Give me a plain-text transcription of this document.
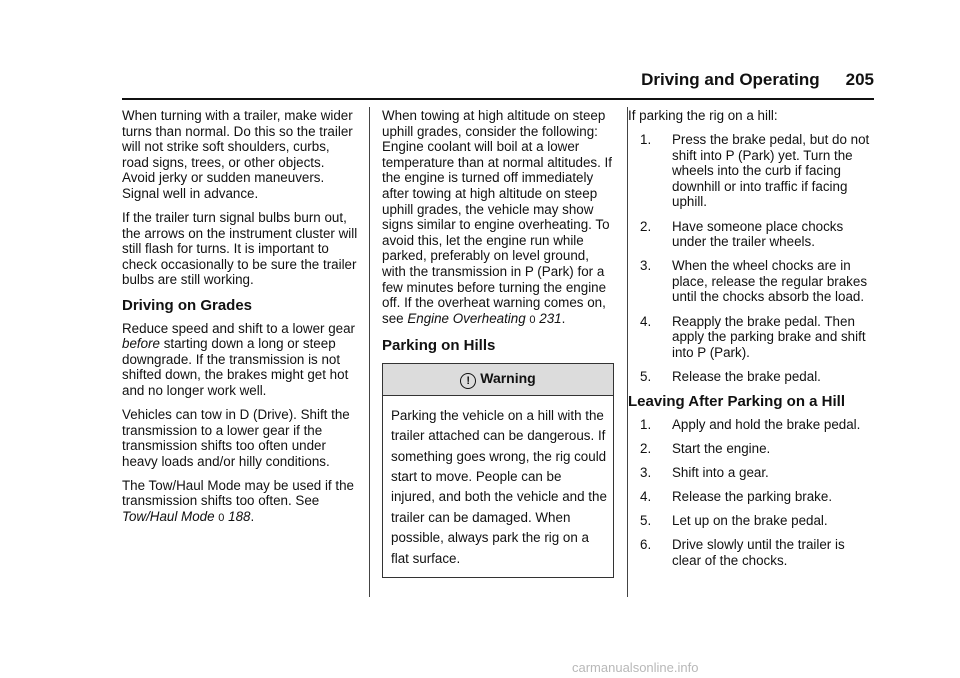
Driving and Operating 205

When turning with a trailer, make wider turns than normal. Do this so the trailer will not strike soft shoulders, curbs, road signs, trees, or other objects. Avoid jerky or sudden maneuvers. Signal well in advance.

If the trailer turn signal bulbs burn out, the arrows on the instrument cluster will still flash for turns. It is important to check occasionally to be sure the trailer bulbs are still working.

Driving on Grades

Reduce speed and shift to a lower gear before starting down a long or steep downgrade. If the transmission is not shifted down, the brakes might get hot and no longer work well.

Vehicles can tow in D (Drive). Shift the transmission to a lower gear if the transmission shifts too often under heavy loads and/or hilly conditions.

The Tow/Haul Mode may be used if the transmission shifts too often. See Tow/Haul Mode 0 188.

When towing at high altitude on steep uphill grades, consider the following: Engine coolant will boil at a lower temperature than at normal altitudes. If the engine is turned off immediately after towing at high altitude on steep uphill grades, the vehicle may show signs similar to engine overheating. To avoid this, let the engine run while parked, preferably on level ground, with the transmission in P (Park) for a few minutes before turning the engine off. If the overheat warning comes on, see Engine Overheating 0 231.

Parking on Hills
! Warning
Parking the vehicle on a hill with the trailer attached can be dangerous. If something goes wrong, the rig could start to move. People can be injured, and both the vehicle and the trailer can be damaged. When possible, always park the rig on a flat surface.

If parking the rig on a hill:

1.	Press the brake pedal, but do not shift into P (Park) yet. Turn the wheels into the curb if facing downhill or into traffic if facing uphill.
2.	Have someone place chocks under the trailer wheels.
3.	When the wheel chocks are in place, release the regular brakes until the chocks absorb the load.
4.	Reapply the brake pedal. Then apply the parking brake and shift into P (Park).
5.	Release the brake pedal.
Leaving After Parking on a Hill
1.	Apply and hold the brake pedal.
2.	Start the engine.
3.	Shift into a gear.
4.	Release the parking brake.
5.	Let up on the brake pedal.
6.	Drive slowly until the trailer is clear of the chocks.
carmanualsonline.info
